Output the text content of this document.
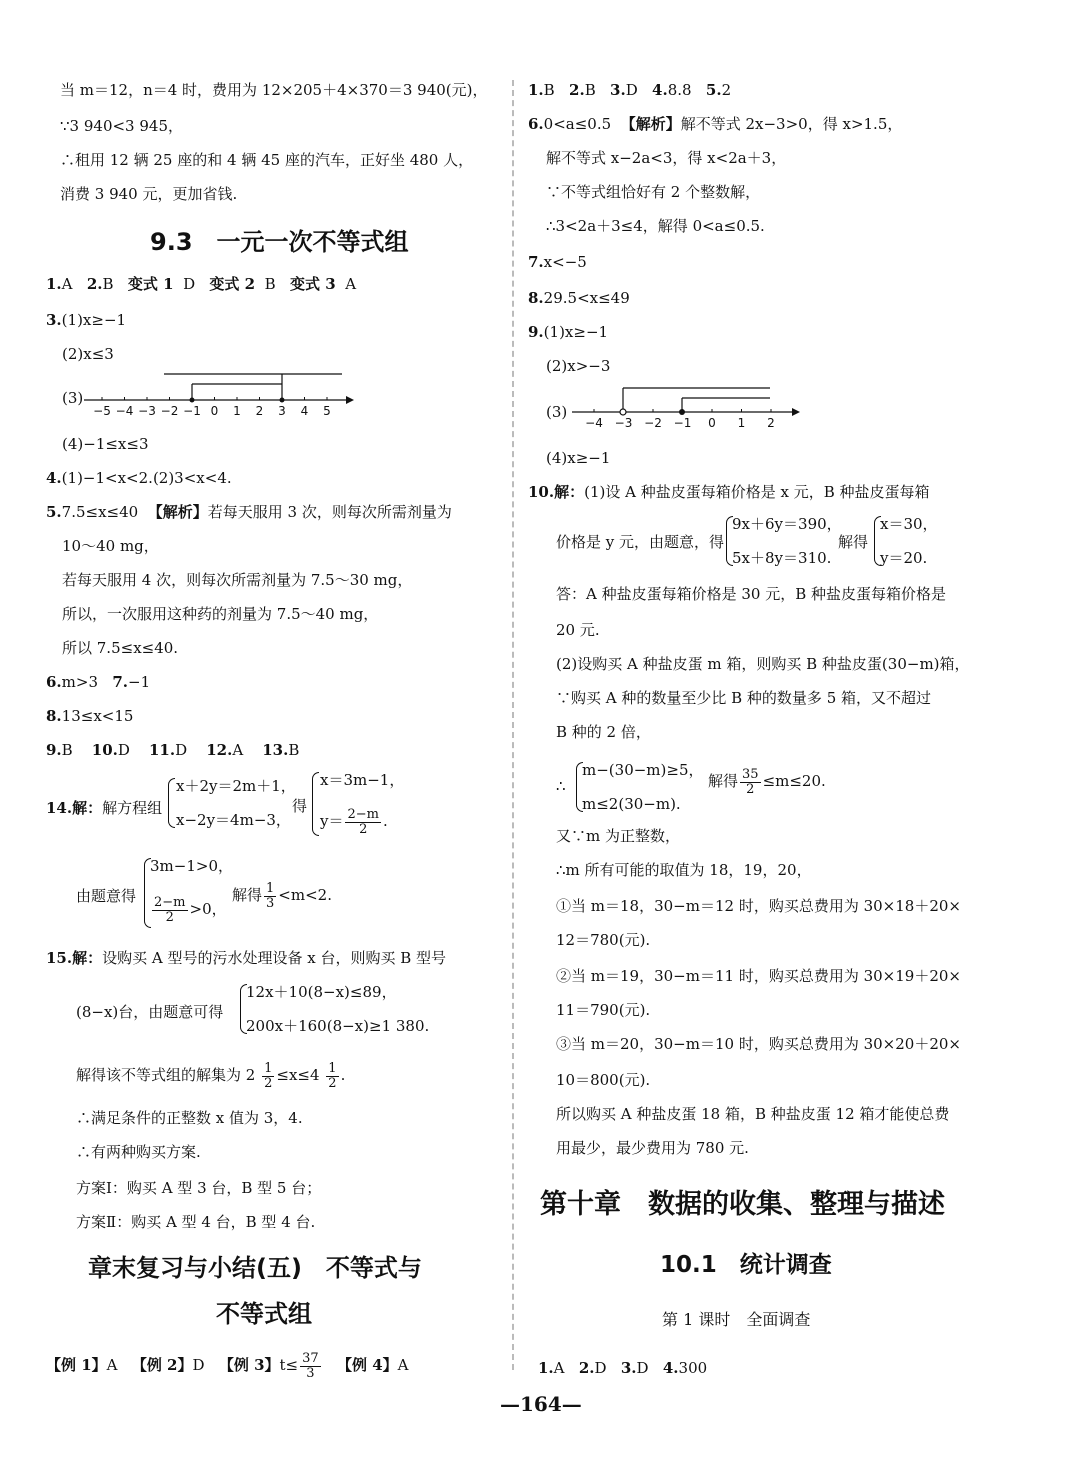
当 m＝12，n＝4 时，费用为 12×205＋4×370＝3 940(元)，
∵3 940<3 945，
∴租用 12 辆 25 座的和 4 辆 45 座的汽车，正好坐 480 人，
消费 3 940 元，更加省钱.
9.3　一元一次不等式组
1.A 2.B 变式 1 D 变式 2 B 变式 3 A
3.(1)x≥−1
(2)x≤3
(3)
−5 −4 −3 −2 −1 0 1 2 3 4 5
(4)−1≤x≤3
4.(1)−1<x<2.(2)3<x<4.
5.7.5≤x≤40 【解析】若每天服用 3 次，则每次所需剂量为
10～40 mg，
若每天服用 4 次，则每次所需剂量为 7.5～30 mg，
所以，一次服用这种药的剂量为 7.5～40 mg，
所以 7.5≤x≤40.
6.m>3 7.−1
8.13≤x<15
9.B 10.D 11.D 12.A 13.B
14.解：解方程组
x＋2y＝2m＋1，
x−2y＝4m−3，
得
x＝3m−1，
$y= \frac{2-m}{2}$ .
由题意得
3m−1>0，
$\frac{2-m}{2} >0$，
解得 $\frac{1}{3} <m<2$.
15.解：设购买 A 型号的污水处理设备 x 台，则购买 B 型号
(8−x)台，由题意可得
12x＋10(8−x)≤89，
200x＋160(8−x)≥1 380.
解得该不等式组的解集为 $2 \frac{1}{2} \le x\le 4 \frac{1}{2}$ .
∴满足条件的正整数 x 值为 3，4.
∴有两种购买方案.
方案Ⅰ：购买 A 型 3 台，B 型 5 台；
方案Ⅱ：购买 A 型 4 台，B 型 4 台.
章末复习与小结(五)　不等式与
不等式组
【例 1】A 【例 2】D 【例 3】$t\le \frac{37}{3}$ 【例 4】A
1.B 2.B 3.D 4.8.8 5.2
6.0<a≤0.5 【解析】解不等式 2x−3>0，得 x>1.5，
解不等式 x−2a<3，得 x<2a＋3，
∵不等式组恰好有 2 个整数解，
∴3<2a＋3≤4，解得 0<a≤0.5.
7.x<−5
8.29.5<x≤49
9.(1)x≥−1
(2)x>−3
(3)
−4 −3 −2 −1 0 1 2
(4)x≥−1
10.解：(1)设 A 种盐皮蛋每箱价格是 x 元，B 种盐皮蛋每箱
价格是 y 元，由题意，得
9x＋6y＝390，
5x＋8y＝310.
解得
x＝30，
y＝20.
答：A 种盐皮蛋每箱价格是 30 元，B 种盐皮蛋每箱价格是
20 元.
(2)设购买 A 种盐皮蛋 m 箱，则购买 B 种盐皮蛋(30−m)箱，
∵购买 A 种的数量至少比 B 种的数量多 5 箱，又不超过
B 种的 2 倍，
∴
m−(30−m)≥5，
m≤2(30−m).
解得 $\frac{35}{2} \le m\le 20$.
又∵m 为正整数，
∴m 所有可能的取值为 18，19，20，
①当 m＝18，30−m＝12 时，购买总费用为 30×18＋20×
12＝780(元).
②当 m＝19，30−m＝11 时，购买总费用为 30×19＋20×
11＝790(元).
③当 m＝20，30−m＝10 时，购买总费用为 30×20＋20×
10＝800(元).
所以购买 A 种盐皮蛋 18 箱，B 种盐皮蛋 12 箱才能使总费
用最少，最少费用为 780 元.
第十章　数据的收集、整理与描述
10.1　统计调查
第 1 课时　全面调查
1.A 2.D 3.D 4.300
—164—
